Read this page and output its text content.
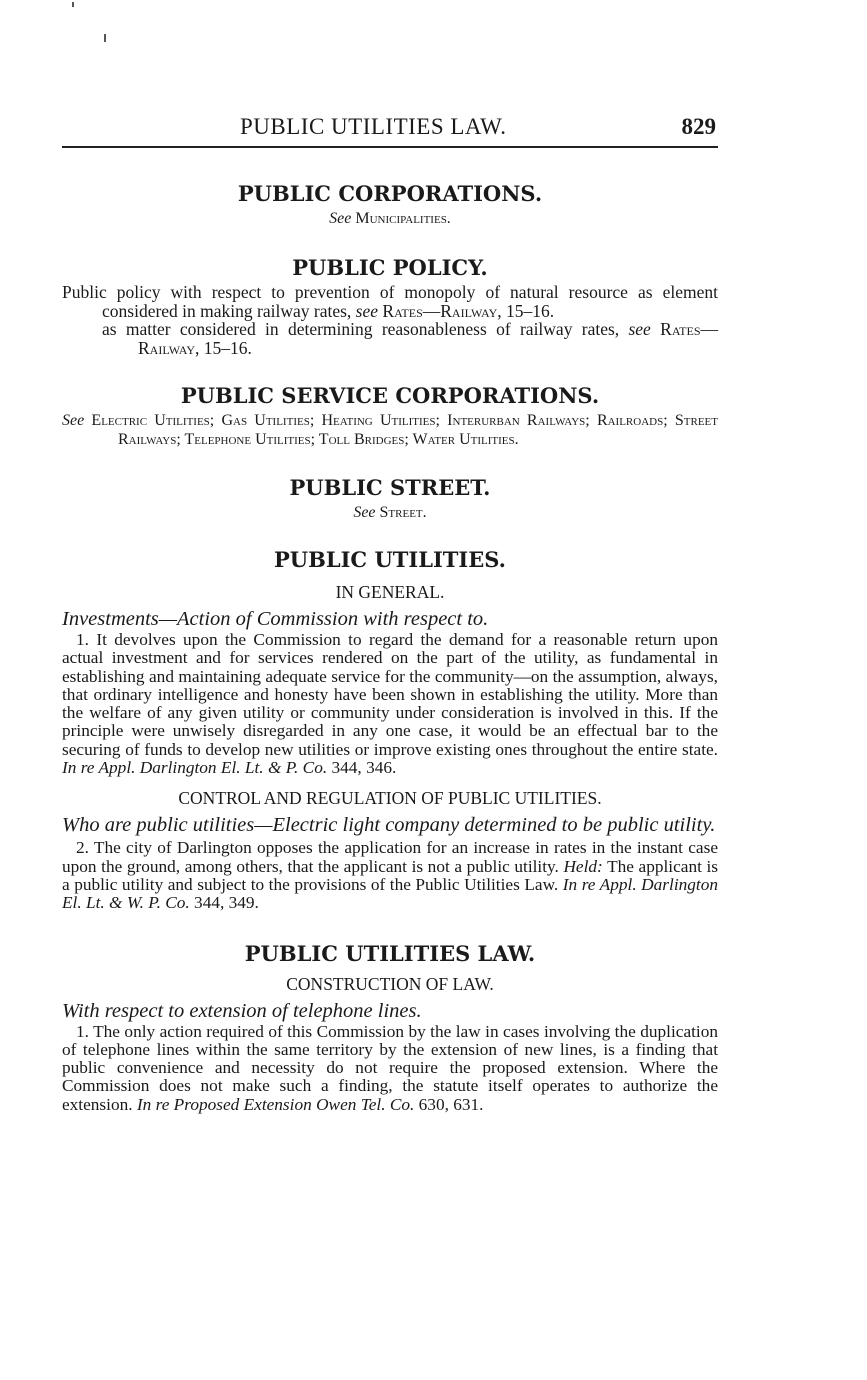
PUBLIC UTILITIES LAW.	829
PUBLIC CORPORATIONS.

See Municipalities.

PUBLIC POLICY.

Public policy with respect to prevention of monopoly of natural resource as element considered in making railway rates, see Rates—Railway, 15–16.

as matter considered in determining reasonableness of railway rates, see Rates—Railway, 15–16.

PUBLIC SERVICE CORPORATIONS.

See Electric Utilities; Gas Utilities; Heating Utilities; Interurban Railways; Railroads; Street Railways; Telephone Utilities; Toll Bridges; Water Utilities.

PUBLIC STREET.

See Street.

PUBLIC UTILITIES.

IN GENERAL.

Investments—Action of Commission with respect to.

1. It devolves upon the Commission to regard the demand for a reasonable return upon actual investment and for services rendered on the part of the utility, as fundamental in establishing and maintaining adequate service for the community—on the assumption, always, that ordinary intelligence and honesty have been shown in establishing the utility. More than the welfare of any given utility or community under consideration is involved in this. If the principle were unwisely disregarded in any one case, it would be an effectual bar to the securing of funds to develop new utilities or improve existing ones throughout the entire state. In re Appl. Darlington El. Lt. & P. Co. 344, 346.

CONTROL AND REGULATION OF PUBLIC UTILITIES.

Who are public utilities—Electric light company determined to be public utility.

2. The city of Darlington opposes the application for an increase in rates in the instant case upon the ground, among others, that the applicant is not a public utility. Held: The applicant is a public utility and subject to the provisions of the Public Utilities Law. In re Appl. Darlington El. Lt. & W. P. Co. 344, 349.

PUBLIC UTILITIES LAW.

CONSTRUCTION OF LAW.

With respect to extension of telephone lines.

1. The only action required of this Commission by the law in cases involving the duplication of telephone lines within the same territory by the extension of new lines, is a finding that public convenience and necessity do not require the proposed extension. Where the Commission does not make such a finding, the statute itself operates to authorize the extension. In re Proposed Extension Owen Tel. Co. 630, 631.
